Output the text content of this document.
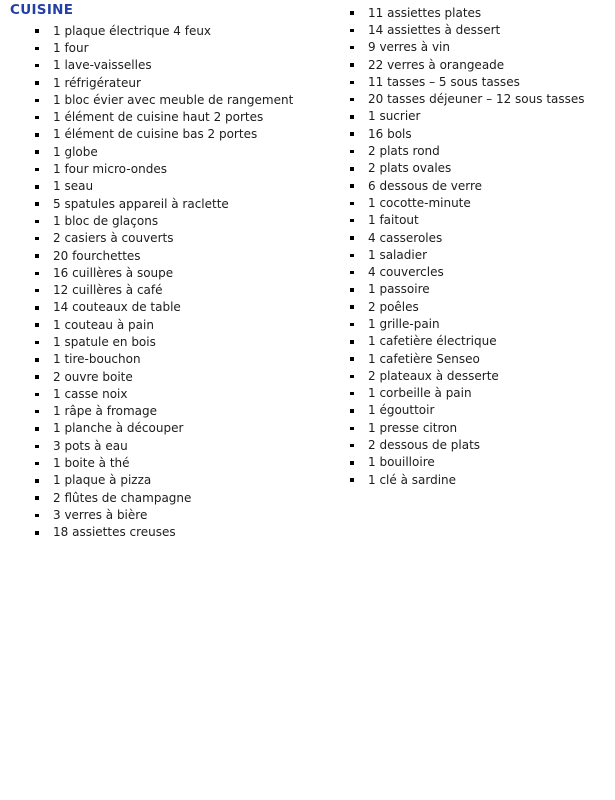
CUISINE
1 plaque électrique 4 feux
1 four
1 lave-vaisselles
1 réfrigérateur
1 bloc évier avec meuble de rangement
1 élément de cuisine haut 2 portes
1 élément de cuisine bas 2 portes
1 globe
1 four micro-ondes
1 seau
5 spatules appareil à raclette
1 bloc de glaçons
2 casiers à couverts
20 fourchettes
16 cuillères à soupe
12 cuillères à café
14 couteaux de table
1 couteau à pain
1 spatule en bois
1 tire-bouchon
2 ouvre boite
1 casse noix
1 râpe à fromage
1 planche à découper
3 pots à eau
1 boite à thé
1 plaque à pizza
2 flûtes de champagne
3 verres à bière
18 assiettes creuses
11 assiettes plates
14 assiettes à dessert
9 verres à vin
22 verres à orangeade
11 tasses – 5 sous tasses
20 tasses déjeuner – 12 sous tasses
1 sucrier
16 bols
2 plats rond
2 plats ovales
6 dessous de verre
1 cocotte-minute
1 faitout
4 casseroles
1 saladier
4 couvercles
1 passoire
2 poêles
1 grille-pain
1 cafetière électrique
1 cafetière Senseo
2 plateaux à desserte
1 corbeille à pain
1 égouttoir
1 presse citron
2 dessous de plats
1 bouilloire
1 clé à sardine
